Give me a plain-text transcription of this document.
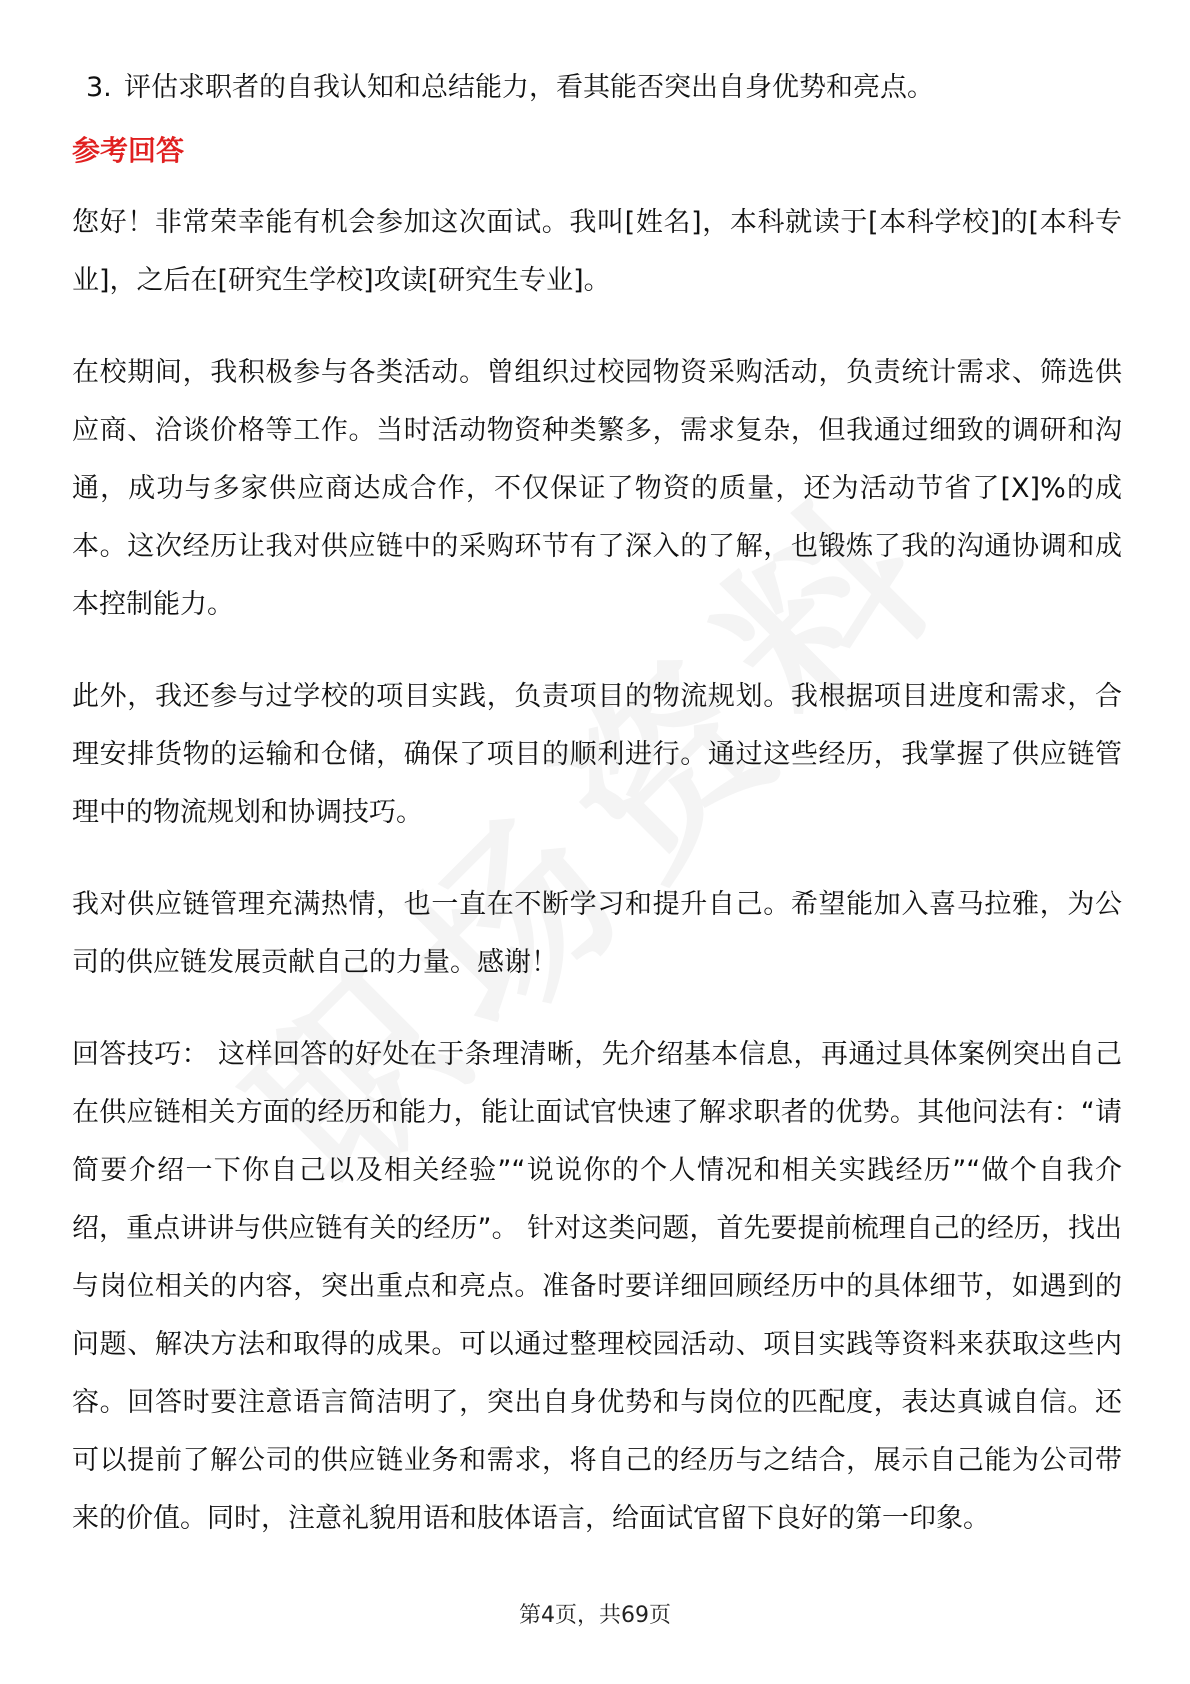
3. 评估求职者的自我认知和总结能力，看其能否突出自身优势和亮点。
参考回答

您好！非常荣幸能有机会参加这次面试。我叫[姓名]，本科就读于[本科学校]的[本科专业]，之后在[研究生学校]攻读[研究生专业]。

在校期间，我积极参与各类活动。曾组织过校园物资采购活动，负责统计需求、筛选供应商、洽谈价格等工作。当时活动物资种类繁多，需求复杂，但我通过细致的调研和沟通，成功与多家供应商达成合作，不仅保证了物资的质量，还为活动节省了[X]%的成本。这次经历让我对供应链中的采购环节有了深入的了解，也锻炼了我的沟通协调和成本控制能力。

此外，我还参与过学校的项目实践，负责项目的物流规划。我根据项目进度和需求，合理安排货物的运输和仓储，确保了项目的顺利进行。通过这些经历，我掌握了供应链管理中的物流规划和协调技巧。

我对供应链管理充满热情，也一直在不断学习和提升自己。希望能加入喜马拉雅，为公司的供应链发展贡献自己的力量。感谢！

回答技巧： 这样回答的好处在于条理清晰，先介绍基本信息，再通过具体案例突出自己在供应链相关方面的经历和能力，能让面试官快速了解求职者的优势。其他问法有：“请简要介绍一下你自己以及相关经验”“说说你的个人情况和相关实践经历”“做个自我介绍，重点讲讲与供应链有关的经历”。 针对这类问题，首先要提前梳理自己的经历，找出与岗位相关的内容，突出重点和亮点。准备时要详细回顾经历中的具体细节，如遇到的问题、解决方法和取得的成果。可以通过整理校园活动、项目实践等资料来获取这些内容。回答时要注意语言简洁明了，突出自身优势和与岗位的匹配度，表达真诚自信。还可以提前了解公司的供应链业务和需求，将自己的经历与之结合，展示自己能为公司带来的价值。同时，注意礼貌用语和肢体语言，给面试官留下良好的第一印象。

第4页，共69页
